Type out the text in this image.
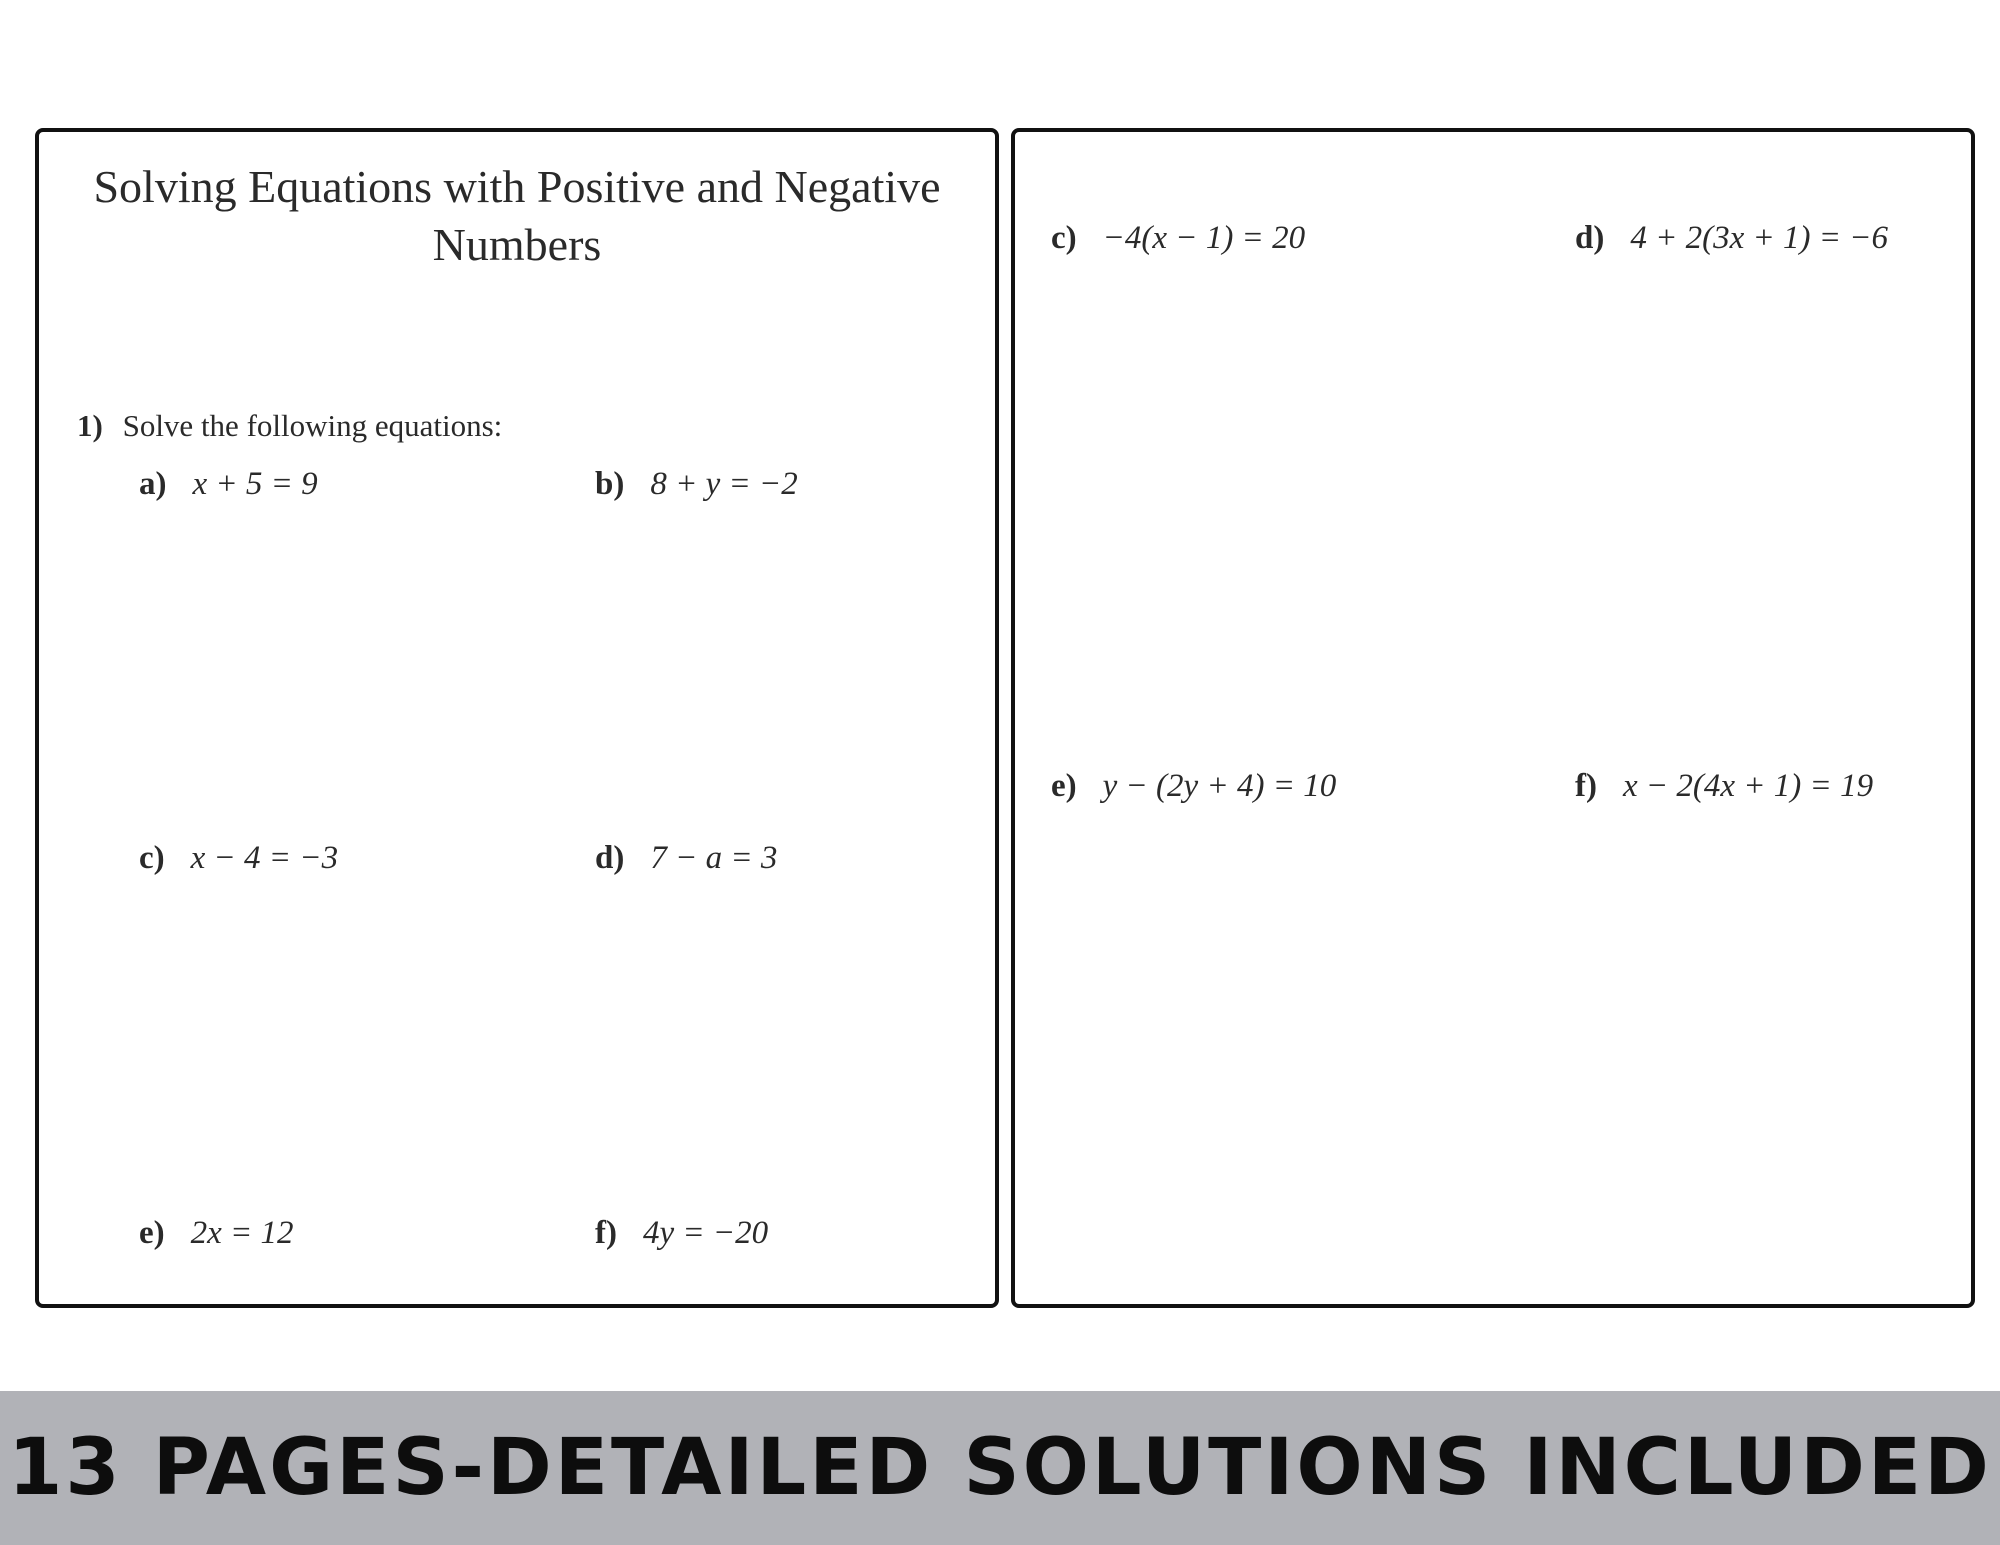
Solving Equations with Positive and Negative Numbers
1) Solve the following equations:
a) x + 5 = 9	b) 8 + y = −2
c) x − 4 = −3	d) 7 − a = 3
e) 2x = 12	f) 4y = −20
c) −4(x − 1) = 20	d) 4 + 2(3x + 1) = −6
e) y − (2y + 4) = 10	f) x − 2(4x + 1) = 19
13 PAGES-DETAILED SOLUTIONS INCLUDED
